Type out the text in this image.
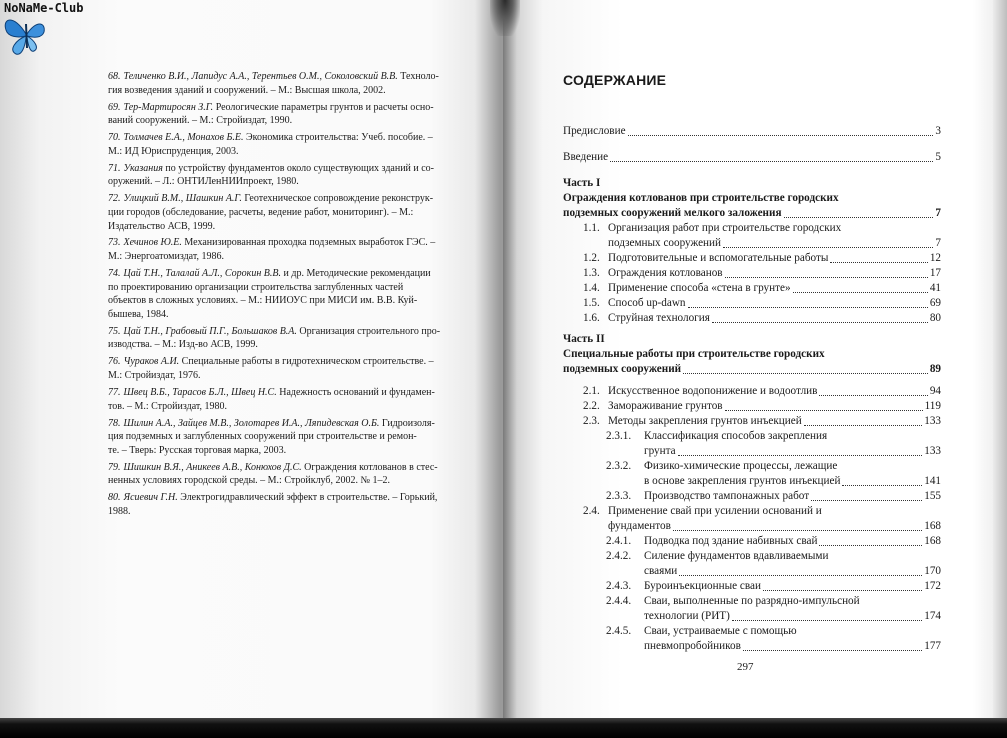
NoNaMe-Club
68. Теличенко В.И., Лапидус А.А., Терентьев О.М., Соколовский В.В. Техноло-
гия возведения зданий и сооружений. – М.: Высшая школа, 2002.
69. Тер-Мартиросян З.Г. Реологические параметры грунтов и расчеты осно-
ваний сооружений. – М.: Стройиздат, 1990.
70. Толмачев Е.А., Монахов Б.Е. Экономика строительства: Учеб. пособие. –
М.: ИД Юриспруденция, 2003.
71. Указания по устройству фундаментов около существующих зданий и со-
оружений. – Л.: ОНТИЛенНИИпроект, 1980.
72. Улицкий В.М., Шашкин А.Г. Геотехническое сопровождение реконструк-
ции городов (обследование, расчеты, ведение работ, мониторинг). – М.:
Издательство АСВ, 1999.
73. Хечинов Ю.Е. Механизированная проходка подземных выработок ГЭС. –
М.: Энергоатомиздат, 1986.
74. Цай Т.Н., Талалай А.Л., Сорокин В.В. и др. Методические рекомендации
по проектированию организации строительства заглубленных частей
объектов в сложных условиях. – М.: НИИОУС при МИСИ им. В.В. Куй-
бышева, 1984.
75. Цай Т.Н., Грабовый П.Г., Большаков В.А. Организация строительного про-
изводства. – М.: Изд-во АСВ, 1999.
76. Чураков А.И. Специальные работы в гидротехническом строительстве. –
М.: Стройиздат, 1976.
77. Швец В.Б., Тарасов Б.Л., Швец Н.С. Надежность оснований и фундамен-
тов. – М.: Стройиздат, 1980.
78. Шилин А.А., Зайцев М.В., Золотарев И.А., Ляпидевская О.Б. Гидроизоля-
ция подземных и заглубленных сооружений при строительстве и ремон-
те. – Тверь: Русская торговая марка, 2003.
79. Шишкин В.Я., Аникеев А.В., Конюхов Д.С. Ограждения котлованов в стес-
ненных условиях городской среды. – М.: Стройклуб, 2002. № 1–2.
80. Ясиевич Г.Н. Электрогидравлический эффект в строительстве. – Горький,
1988.
СОДЕРЖАНИЕ
Предисловие	3
Введение	5
Часть I
Ограждения котлованов при строительстве городских
подземных сооружений мелкого заложения	7
1.1. Организация работ при строительстве городских
подземных сооружений	7
1.2. Подготовительные и вспомогательные работы	12
1.3. Ограждения котлованов	17
1.4. Применение способа «стена в грунте»	41
1.5. Способ up-dawn	69
1.6. Струйная технология	80
Часть II
Специальные работы при строительстве городских
подземных сооружений	89
2.1. Искусственное водопонижение и водоотлив	94
2.2. Замораживание грунтов	119
2.3. Методы закрепления грунтов инъекцией	133
2.3.1. Классификация способов закрепления
грунта	133
2.3.2. Физико-химические процессы, лежащие
в основе закрепления грунтов инъекцией	141
2.3.3. Производство тампонажных работ	155
2.4. Применение свай при усилении оснований и
фундаментов	168
2.4.1. Подводка под здание набивных свай	168
2.4.2. Силение фундаментов вдавливаемыми
сваями	170
2.4.3. Буроинъекционные сваи	172
2.4.4. Сваи, выполненные по разрядно-импульсной
технологии (РИТ)	174
2.4.5. Сваи, устраиваемые с помощью
пневмопробойников	177
297
